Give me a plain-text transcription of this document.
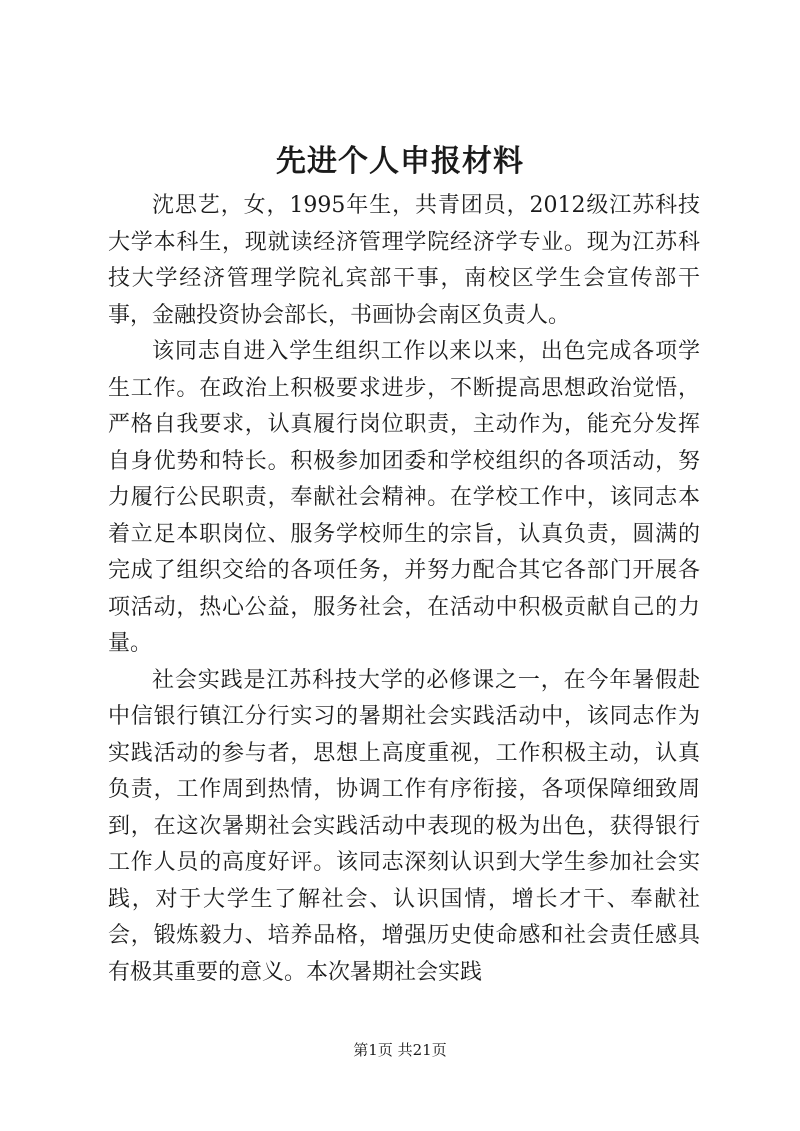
先进个人申报材料

沈思艺，女，1995年生，共青团员，2012级江苏科技大学本科生，现就读经济管理学院经济学专业。现为江苏科技大学经济管理学院礼宾部干事，南校区学生会宣传部干事，金融投资协会部长，书画协会南区负责人。

该同志自进入学生组织工作以来以来，出色完成各项学生工作。在政治上积极要求进步，不断提高思想政治觉悟，严格自我要求，认真履行岗位职责，主动作为，能充分发挥自身优势和特长。积极参加团委和学校组织的各项活动，努力履行公民职责，奉献社会精神。在学校工作中，该同志本着立足本职岗位、服务学校师生的宗旨，认真负责，圆满的完成了组织交给的各项任务，并努力配合其它各部门开展各项活动，热心公益，服务社会，在活动中积极贡献自己的力量。

社会实践是江苏科技大学的必修课之一，在今年暑假赴中信银行镇江分行实习的暑期社会实践活动中，该同志作为实践活动的参与者，思想上高度重视，工作积极主动，认真负责，工作周到热情，协调工作有序衔接，各项保障细致周到，在这次暑期社会实践活动中表现的极为出色，获得银行工作人员的高度好评。该同志深刻认识到大学生参加社会实践，对于大学生了解社会、认识国情，增长才干、奉献社会，锻炼毅力、培养品格，增强历史使命感和社会责任感具有极其重要的意义。本次暑期社会实践

第1页 共21页
